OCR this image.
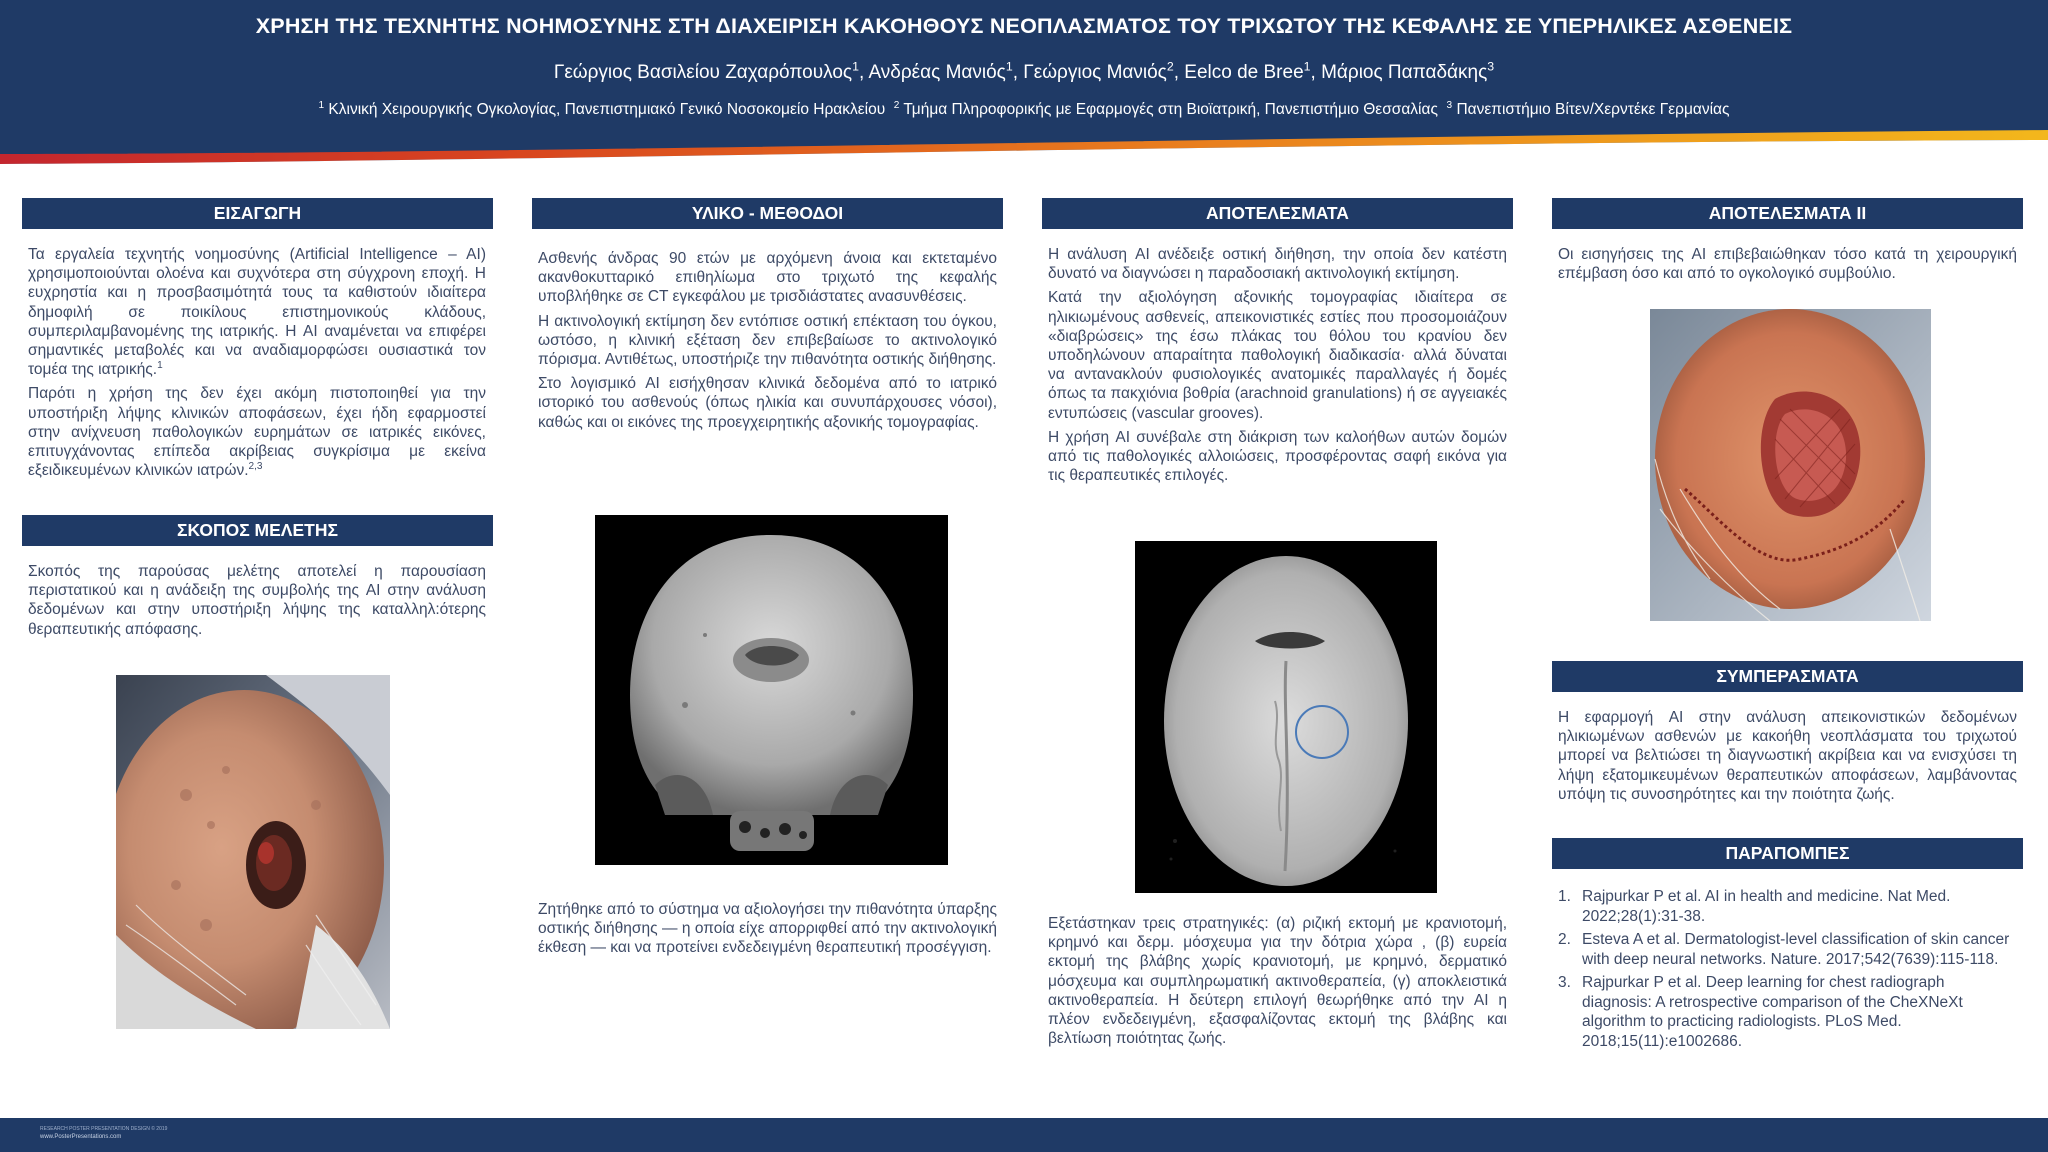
ΧΡΗΣΗ ΤΗΣ ΤΕΧΝΗΤΗΣ ΝΟΗΜΟΣΥΝΗΣ ΣΤΗ ΔΙΑΧΕΙΡΙΣΗ ΚΑΚΟΗΘΟΥΣ ΝΕΟΠΛΑΣΜΑΤΟΣ ΤΟΥ ΤΡΙΧΩΤΟΥ ΤΗΣ ΚΕΦΑΛΗΣ ΣΕ ΥΠΕΡΗΛΙΚΕΣ ΑΣΘΕΝΕΙΣ
Γεώργιος Βασιλείου Ζαχαρόπουλος$^1$, Ανδρέας Μανιός$^1$, Γεώργιος Μανιός$^2$, Eelco de Bree$^1$, Μάριος Παπαδάκης$^3$
$^1$ Κλινική Χειρουργικής Ογκολογίας, Πανεπιστημιακό Γενικό Νοσοκομείο Ηρακλείου  $^2$ Τμήμα Πληροφορικής με Εφαρμογές στη Βιοϊατρική, Πανεπιστήμιο Θεσσαλίας  $^3$ Πανεπιστήμιο Βίτεν/Χερντέκε Γερμανίας
ΕΙΣΑΓΩΓΗ

Τα εργαλεία τεχνητής νοημοσύνης (Artificial Intelligence – AI) χρησιμοποιούνται ολοένα και συχνότερα στη σύγχρονη εποχή. Η ευχρηστία και η προσβασιμότητά τους τα καθιστούν ιδιαίτερα δημοφιλή σε ποικίλους επιστημονικούς κλάδους, συμπεριλαμβανομένης της ιατρικής. Η AI αναμένεται να επιφέρει σημαντικές μεταβολές και να αναδιαμορφώσει ουσιαστικά τον τομέα της ιατρικής.$^1$

Παρότι η χρήση της δεν έχει ακόμη πιστοποιηθεί για την υποστήριξη λήψης κλινικών αποφάσεων, έχει ήδη εφαρμοστεί στην ανίχνευση παθολογικών ευρημάτων σε ιατρικές εικόνες, επιτυγχάνοντας επίπεδα ακρίβειας συγκρίσιμα με εκείνα εξειδικευμένων κλινικών ιατρών.$^{2,3}$

ΣΚΟΠΟΣ ΜΕΛΕΤΗΣ

Σκοπός της παρούσας μελέτης αποτελεί η παρουσίαση περιστατικού και η ανάδειξη της συμβολής της AI στην ανάλυση δεδομένων και στην υποστήριξη λήψης της καταλληλ:ότερης θεραπευτικής απόφασης.

ΥΛΙΚΟ - ΜΕΘΟΔΟΙ

Ασθενής άνδρας 90 ετών με αρχόμενη άνοια και εκτεταμένο ακανθοκυτταρικό επιθηλίωμα στο τριχωτό της κεφαλής υποβλήθηκε σε CT εγκεφάλου με τρισδιάστατες ανασυνθέσεις.

Η ακτινολογική εκτίμηση δεν εντόπισε οστική επέκταση του όγκου, ωστόσο, η κλινική εξέταση δεν επιβεβαίωσε το ακτινολογικό πόρισμα. Αντιθέτως, υποστήριζε την πιθανότητα οστικής διήθησης.

Στο λογισμικό AI εισήχθησαν κλινικά δεδομένα από το ιατρικό ιστορικό του ασθενούς (όπως ηλικία και συνυπάρχουσες νόσοι), καθώς και οι εικόνες της προεγχειρητικής αξονικής τομογραφίας.

Ζητήθηκε από το σύστημα να αξιολογήσει την πιθανότητα ύπαρξης οστικής διήθησης — η οποία είχε απορριφθεί από την ακτινολογική έκθεση — και να προτείνει ενδεδειγμένη θεραπευτική προσέγγιση.

ΑΠΟΤΕΛΕΣΜΑΤΑ

Η ανάλυση AI ανέδειξε οστική διήθηση, την οποία δεν κατέστη δυνατό να διαγνώσει η παραδοσιακή ακτινολογική εκτίμηση.

Κατά την αξιολόγηση αξονικής τομογραφίας ιδιαίτερα σε ηλικιωμένους ασθενείς, απεικονιστικές εστίες που προσομοιάζουν «διαβρώσεις» της έσω πλάκας του θόλου του κρανίου δεν υποδηλώνουν απαραίτητα παθολογική διαδικασία· αλλά δύναται να αντανακλούν φυσιολογικές ανατομικές παραλλαγές ή δομές όπως τα πακχιόνια βοθρία (arachnoid granulations) ή σε αγγειακές εντυπώσεις (vascular grooves).

Η χρήση AI συνέβαλε στη διάκριση των καλοήθων αυτών δομών από τις παθολογικές αλλοιώσεις, προσφέροντας σαφή εικόνα για τις θεραπευτικές επιλογές.

Εξετάστηκαν τρεις στρατηγικές: (α) ριζική εκτομή με κρανιοτομή, κρημνό και δερμ. μόσχευμα για την δότρια χώρα , (β) ευρεία εκτομή της βλάβης χωρίς κρανιοτομή, με κρημνό, δερματικό μόσχευμα και συμπληρωματική ακτινοθεραπεία, (γ) αποκλειστικά ακτινοθεραπεία. Η δεύτερη επιλογή θεωρήθηκε από την AI η πλέον ενδεδειγμένη, εξασφαλίζοντας εκτομή της βλάβης και βελτίωση ποιότητας ζωής.

ΑΠΟΤΕΛΕΣΜΑΤΑ ΙΙ

Οι εισηγήσεις της AI επιβεβαιώθηκαν τόσο κατά τη χειρουργική επέμβαση όσο και από το ογκολογικό συμβούλιο.

ΣΥΜΠΕΡΑΣΜΑΤΑ

Η εφαρμογή AI στην ανάλυση απεικονιστικών δεδομένων ηλικιωμένων ασθενών με κακοήθη νεοπλάσματα του τριχωτού μπορεί να βελτιώσει τη διαγνωστική ακρίβεια και να ενισχύσει τη λήψη εξατομικευμένων θεραπευτικών αποφάσεων, λαμβάνοντας υπόψη τις συνοσηρότητες και την ποιότητα ζωής.

ΠΑΡΑΠΟΜΠΕΣ
1. Rajpurkar P et al. AI in health and medicine. Nat Med. 2022;28(1):31-38.
2. Esteva A et al. Dermatologist-level classification of skin cancer with deep neural networks. Nature. 2017;542(7639):115-118.
3. Rajpurkar P et al. Deep learning for chest radiograph diagnosis: A retrospective comparison of the CheXNeXt algorithm to practicing radiologists. PLoS Med. 2018;15(11):e1002686.
RESEARCH POSTER PRESENTATION DESIGN © 2019
www.PosterPresentations.com
